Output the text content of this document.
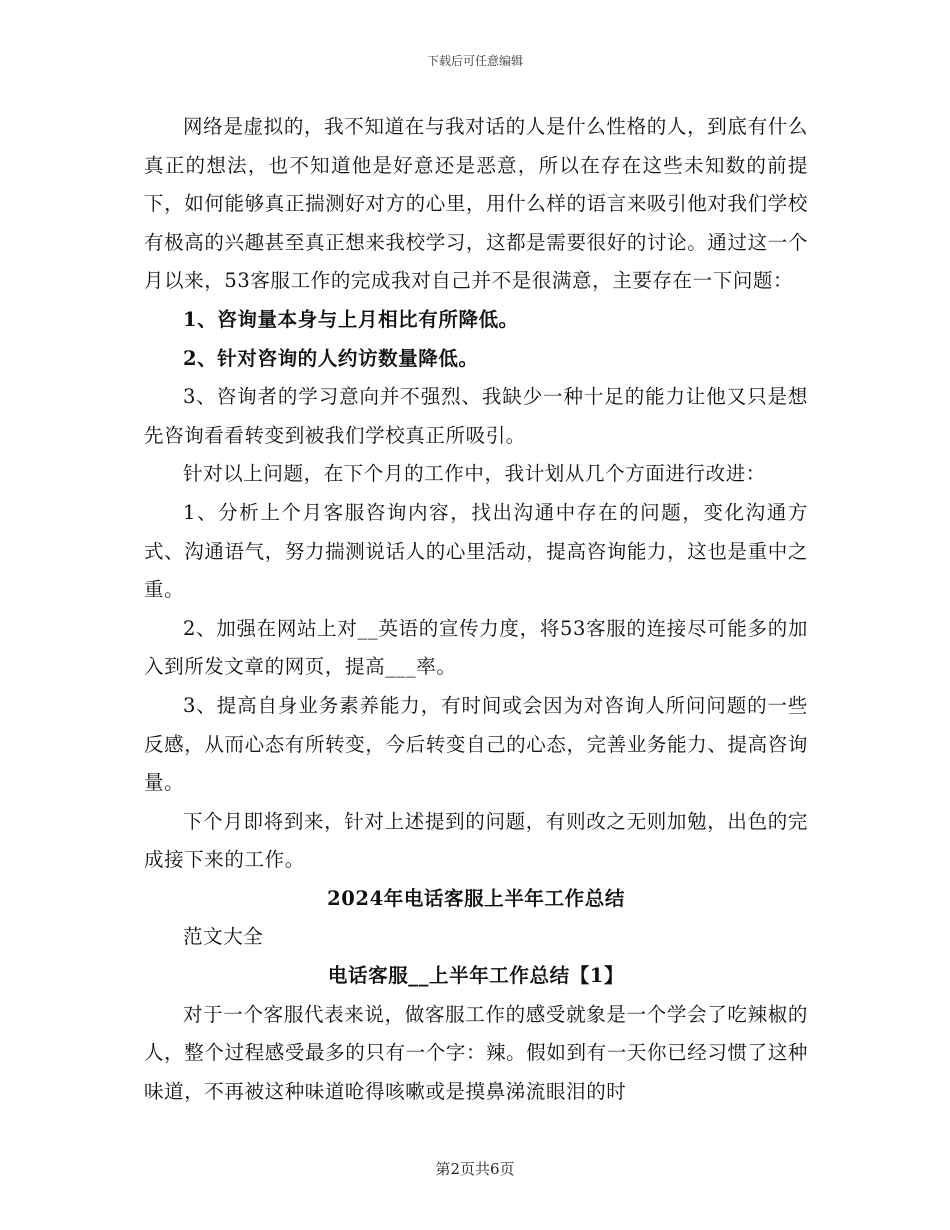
下载后可任意编辑

网络是虚拟的，我不知道在与我对话的人是什么性格的人，到底有什么真正的想法，也不知道他是好意还是恶意，所以在存在这些未知数的前提下，如何能够真正揣测好对方的心里，用什么样的语言来吸引他对我们学校有极高的兴趣甚至真正想来我校学习，这都是需要很好的讨论。通过这一个月以来，53客服工作的完成我对自己并不是很满意，主要存在一下问题：

1、咨询量本身与上月相比有所降低。

2、针对咨询的人约访数量降低。

3、咨询者的学习意向并不强烈、我缺少一种十足的能力让他又只是想先咨询看看转变到被我们学校真正所吸引。

针对以上问题，在下个月的工作中，我计划从几个方面进行改进：

1、分析上个月客服咨询内容，找出沟通中存在的问题，变化沟通方式、沟通语气，努力揣测说话人的心里活动，提高咨询能力，这也是重中之重。

2、加强在网站上对__英语的宣传力度，将53客服的连接尽可能多的加入到所发文章的网页，提高___率。

3、提高自身业务素养能力，有时间或会因为对咨询人所问问题的一些反感，从而心态有所转变，今后转变自己的心态，完善业务能力、提高咨询量。

下个月即将到来，针对上述提到的问题，有则改之无则加勉，出色的完成接下来的工作。

2024年电话客服上半年工作总结

范文大全

电话客服__上半年工作总结【1】

对于一个客服代表来说，做客服工作的感受就象是一个学会了吃辣椒的人，整个过程感受最多的只有一个字：辣。假如到有一天你已经习惯了这种味道，不再被这种味道呛得咳嗽或是摸鼻涕流眼泪的时

第2页共6页
